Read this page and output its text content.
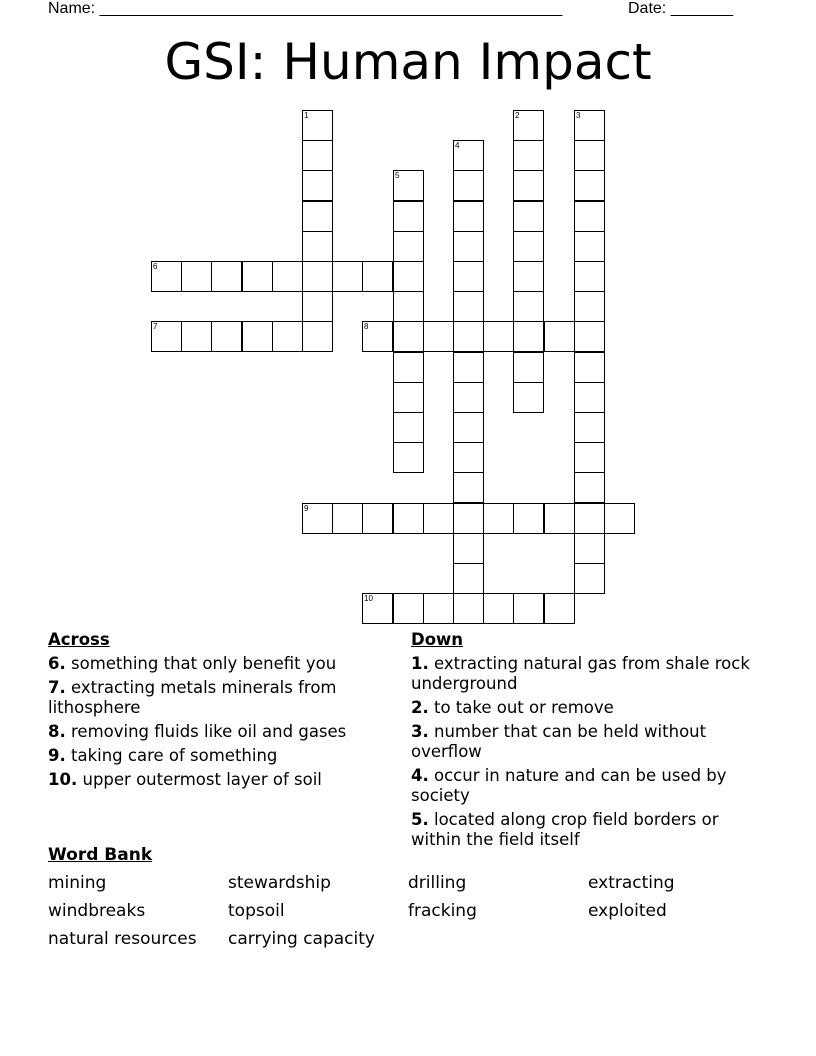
Name: ____________________________________________________	Date: _______
GSI: Human Impact
1	2	3
4
5
6
7	8
9
10
Across
6. something that only benefit you
7. extracting metals minerals from lithosphere
8. removing fluids like oil and gases
9. taking care of something
10. upper outermost layer of soil
Down
1. extracting natural gas from shale rock underground
2. to take out or remove
3. number that can be held without overflow
4. occur in nature and can be used by society
5. located along crop field borders or within the field itself
Word Bank
mining	stewardship	drilling	extracting
windbreaks	topsoil	fracking	exploited
natural resources	carrying capacity
